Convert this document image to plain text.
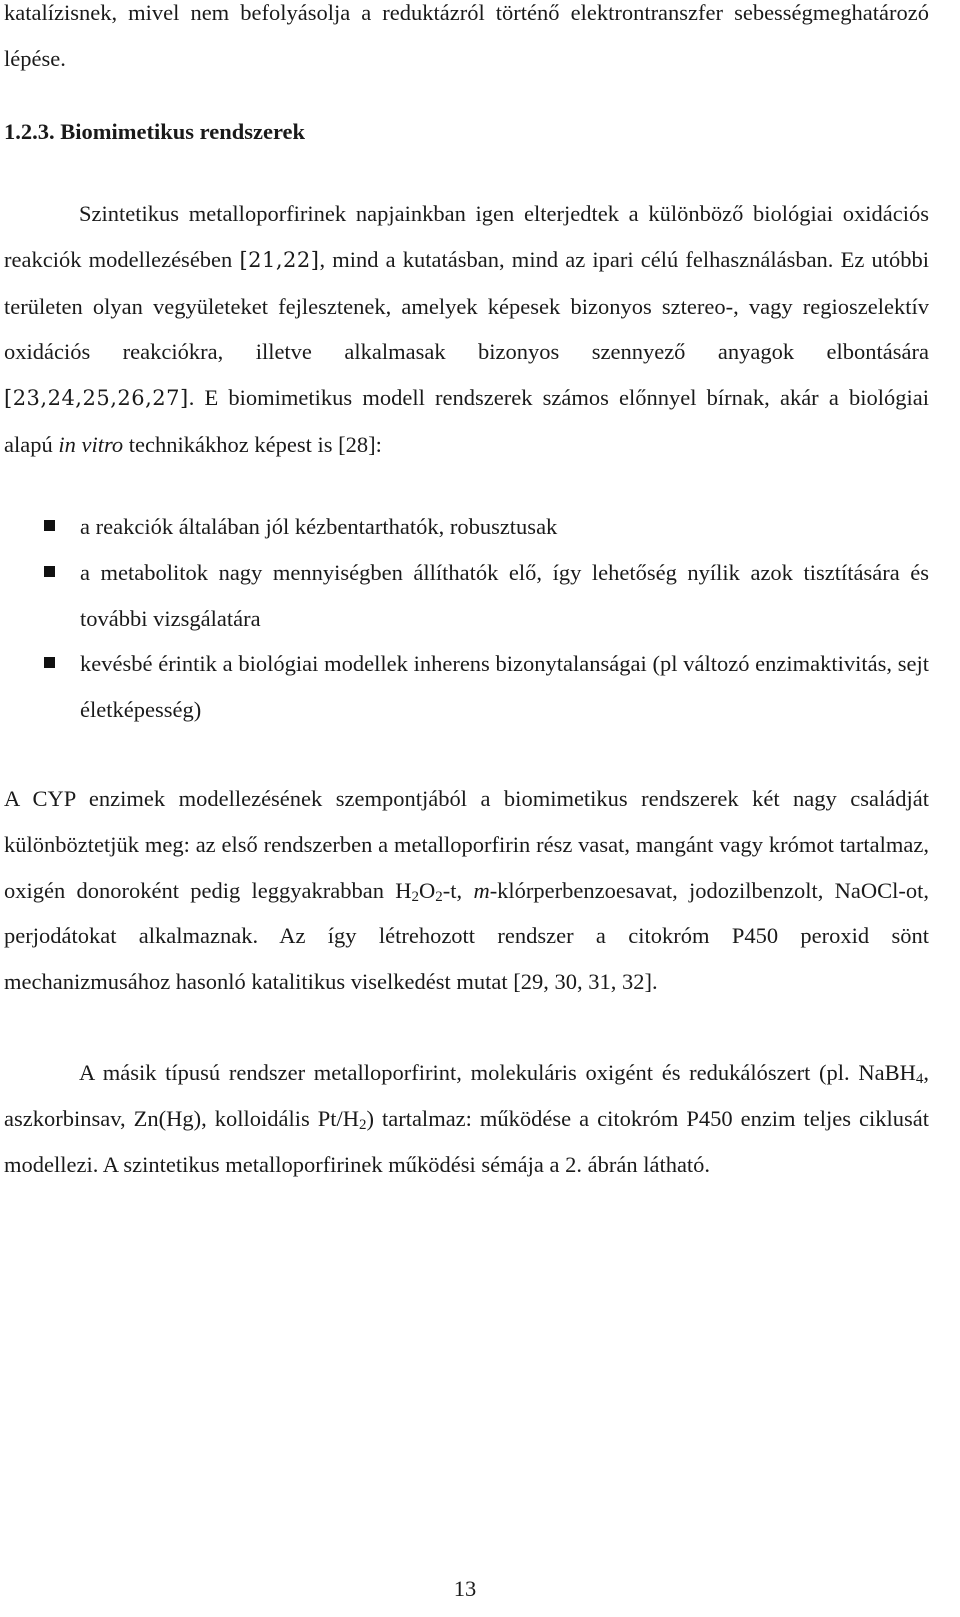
katalízisnek, mivel nem befolyásolja a reduktázról történő elektrontranszfer sebességmeghatározó lépése.

1.2.3. Biomimetikus rendszerek

Szintetikus metalloporfirinek napjainkban igen elterjedtek a különböző biológiai oxidációs reakciók modellezésében [21,22], mind a kutatásban, mind az ipari célú felhasználásban. Ez utóbbi területen olyan vegyületeket fejlesztenek, amelyek képesek bizonyos sztereo-, vagy regioszelektív oxidációs reakciókra, illetve alkalmasak bizonyos szennyező anyagok elbontására [23,24,25,26,27]. E biomimetikus modell rendszerek számos előnnyel bírnak, akár a biológiai alapú in vitro technikákhoz képest is [28]:

a reakciók általában jól kézbentarthatók, robusztusak
a metabolitok nagy mennyiségben állíthatók elő, így lehetőség nyílik azok tisztítására és további vizsgálatára
kevésbé érintik a biológiai modellek inherens bizonytalanságai (pl változó enzimaktivitás, sejt életképesség)

A CYP enzimek modellezésének szempontjából a biomimetikus rendszerek két nagy családját különböztetjük meg: az első rendszerben a metalloporfirin rész vasat, mangánt vagy krómot tartalmaz, oxigén donoroként pedig leggyakrabban $H_2O_2-t$, m-klórperbenzoesavat, jodozilbenzolt, NaOCl-ot, perjodátokat alkalmaznak. Az így létrehozott rendszer a citokróm P450 peroxid sönt mechanizmusához hasonló katalitikus viselkedést mutat [29, 30, 31, 32].

A másik típusú rendszer metalloporfirint, molekuláris oxigént és redukálószert (pl. NaBH$_4$, aszkorbinsav, Zn(Hg), kolloidális $Pt/H_2$) tartalmaz: működése a citokróm P450 enzim teljes ciklusát modellezi. A szintetikus metalloporfirinek működési sémája a 2. ábrán látható.

13
